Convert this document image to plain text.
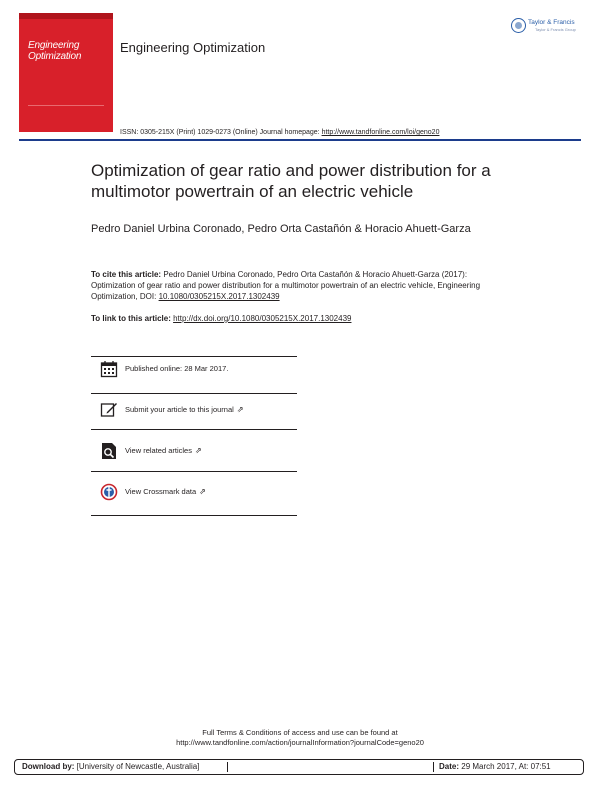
Engineering
Optimization
Engineering Optimization
Taylor & Francis
Taylor & Francis Group
ISSN: 0305-215X (Print) 1029-0273 (Online) Journal homepage: http://www.tandfonline.com/loi/geno20
Optimization of gear ratio and power distribution for a multimotor powertrain of an electric vehicle
Pedro Daniel Urbina Coronado, Pedro Orta Castañón & Horacio Ahuett-Garza
To cite this article: Pedro Daniel Urbina Coronado, Pedro Orta Castañón & Horacio Ahuett-Garza (2017): Optimization of gear ratio and power distribution for a multimotor powertrain of an electric vehicle, Engineering Optimization, DOI: 10.1080/0305215X.2017.1302439
To link to this article: http://dx.doi.org/10.1080/0305215X.2017.1302439
Published online: 28 Mar 2017.
Submit your article to this journal ⇗
View related articles ⇗
View Crossmark data ⇗
Full Terms & Conditions of access and use can be found at
http://www.tandfonline.com/action/journalInformation?journalCode=geno20
Download by: [University of Newcastle, Australia]	Date: 29 March 2017, At: 07:51
